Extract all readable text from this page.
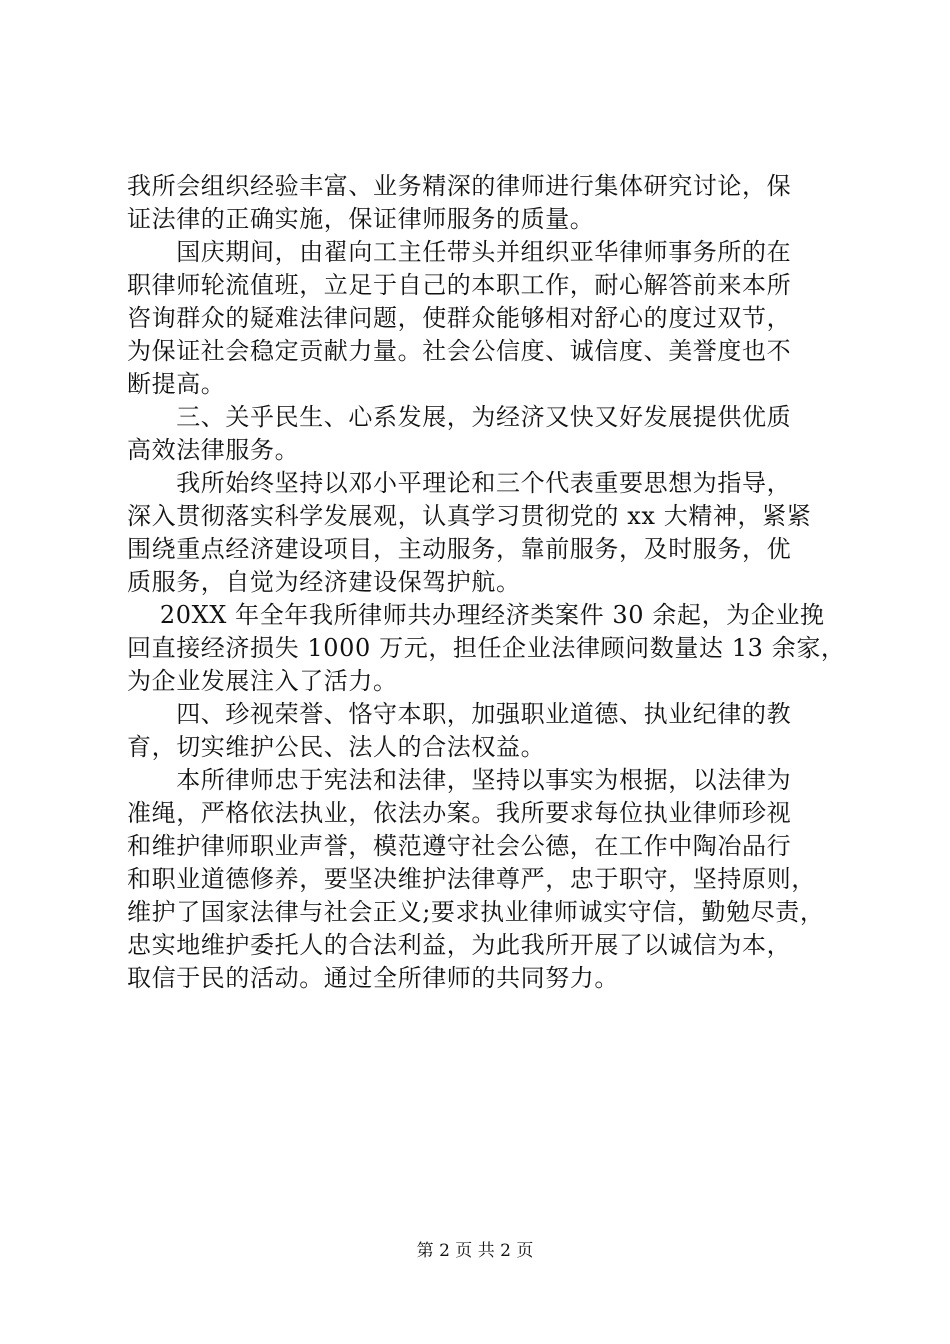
我所会组织经验丰富、业务精深的律师进行集体研究讨论，保
证法律的正确实施，保证律师服务的质量。
　　国庆期间，由翟向工主任带头并组织亚华律师事务所的在
职律师轮流值班，立足于自己的本职工作，耐心解答前来本所
咨询群众的疑难法律问题，使群众能够相对舒心的度过双节，
为保证社会稳定贡献力量。社会公信度、诚信度、美誉度也不
断提高。
　　三、关乎民生、心系发展，为经济又快又好发展提供优质
高效法律服务。
　　我所始终坚持以邓小平理论和三个代表重要思想为指导，
深入贯彻落实科学发展观，认真学习贯彻党的 xx 大精神，紧紧
围绕重点经济建设项目，主动服务，靠前服务，及时服务，优
质服务，自觉为经济建设保驾护航。
　 20XX 年全年我所律师共办理经济类案件 30 余起，为企业挽
回直接经济损失 1000 万元，担任企业法律顾问数量达 13 余家，
为企业发展注入了活力。
　　四、珍视荣誉、恪守本职，加强职业道德、执业纪律的教
育，切实维护公民、法人的合法权益。
　　本所律师忠于宪法和法律，坚持以事实为根据，以法律为
准绳，严格依法执业，依法办案。我所要求每位执业律师珍视
和维护律师职业声誉，模范遵守社会公德，在工作中陶冶品行
和职业道德修养，要坚决维护法律尊严，忠于职守，坚持原则，
维护了国家法律与社会正义;要求执业律师诚实守信，勤勉尽责，
忠实地维护委托人的合法利益，为此我所开展了以诚信为本，
取信于民的活动。通过全所律师的共同努力。
第 2 页 共 2 页
